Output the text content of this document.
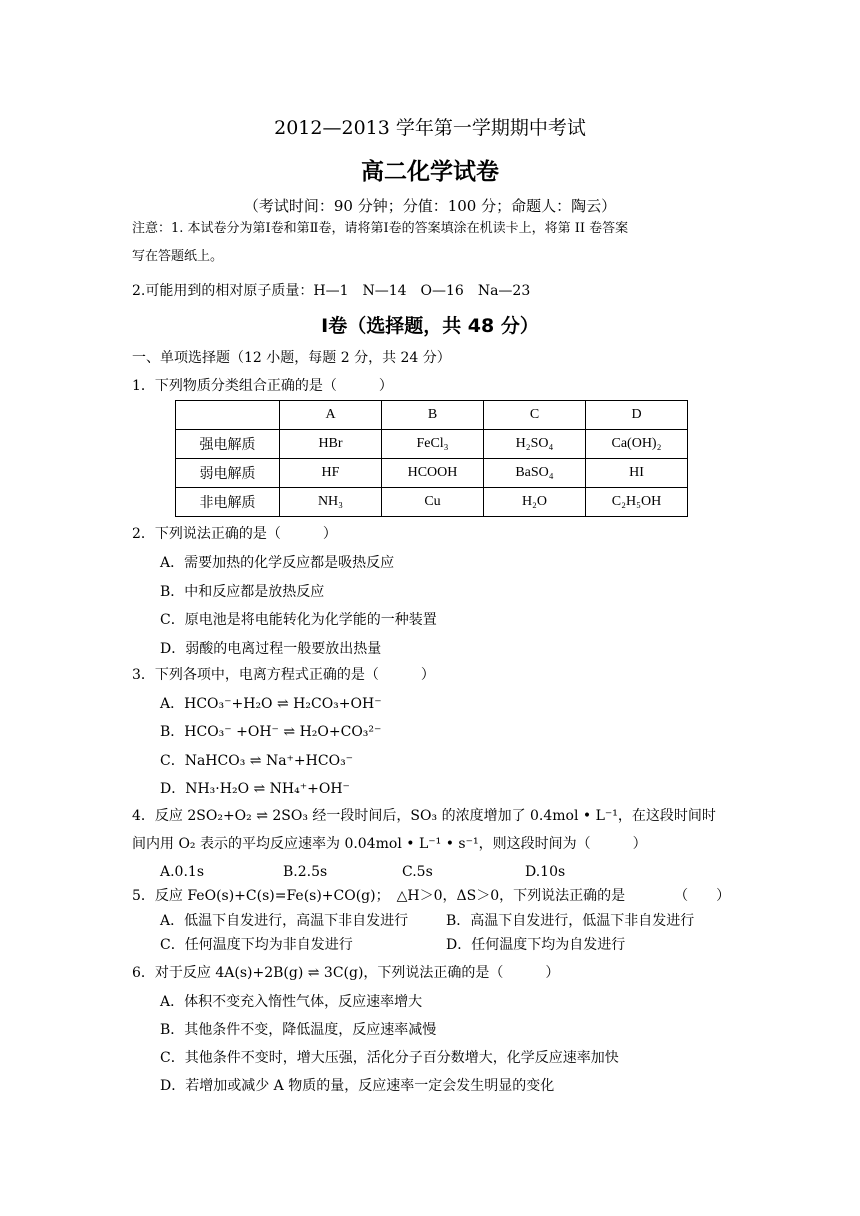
2012—2013 学年第一学期期中考试
高二化学试卷
（考试时间：90 分钟；分值：100 分；命题人：陶云）
注意：1. 本试卷分为第Ⅰ卷和第Ⅱ卷，请将第Ⅰ卷的答案填涂在机读卡上，将第 II 卷答案
写在答题纸上。
2.可能用到的相对原子质量：H—1　N—14　O—16　Na—23
Ⅰ卷（选择题，共 48 分）
一、单项选择题（12 小题，每题 2 分，共 24 分）
1．下列物质分类组合正确的是（　　　）
	A	B	C	D
强电解质	HBr	FeCl₃	H₂SO₄	Ca(OH)₂
弱电解质	HF	HCOOH	BaSO₄	HI
非电解质	NH₃	Cu	H₂O	C₂H₅OH
2．下列说法正确的是（　　　）
A．需要加热的化学反应都是吸热反应
B．中和反应都是放热反应
C．原电池是将电能转化为化学能的一种装置
D．弱酸的电离过程一般要放出热量
3．下列各项中，电离方程式正确的是（　　　）
A．HCO₃⁻+H₂O ⇌ H₂CO₃+OH⁻
B．HCO₃⁻ +OH⁻ ⇌ H₂O+CO₃²⁻
C．NaHCO₃ ⇌ Na⁺+HCO₃⁻
D．NH₃·H₂O ⇌ NH₄⁺+OH⁻
4．反应 2SO₂+O₂ ⇌ 2SO₃ 经一段时间后，SO₃ 的浓度增加了 0.4mol • L⁻¹，在这段时间时
间内用 O₂ 表示的平均反应速率为 0.04mol • L⁻¹ • s⁻¹，则这段时间为（　　　）
A.0.1s	B.2.5s	C.5s	D.10s
5．反应 FeO(s)+C(s)=Fe(s)+CO(g)；　△H＞0，ΔS＞0，下列说法正确的是　　　　（　　）
A．低温下自发进行，高温下非自发进行	B．高温下自发进行，低温下非自发进行
C．任何温度下均为非自发进行	D．任何温度下均为自发进行
6．对于反应 4A(s)+2B(g) ⇌ 3C(g)，下列说法正确的是（　　　）
A．体积不变充入惰性气体，反应速率增大
B．其他条件不变，降低温度，反应速率减慢
C．其他条件不变时，增大压强，活化分子百分数增大，化学反应速率加快
D．若增加或减少 A 物质的量，反应速率一定会发生明显的变化
